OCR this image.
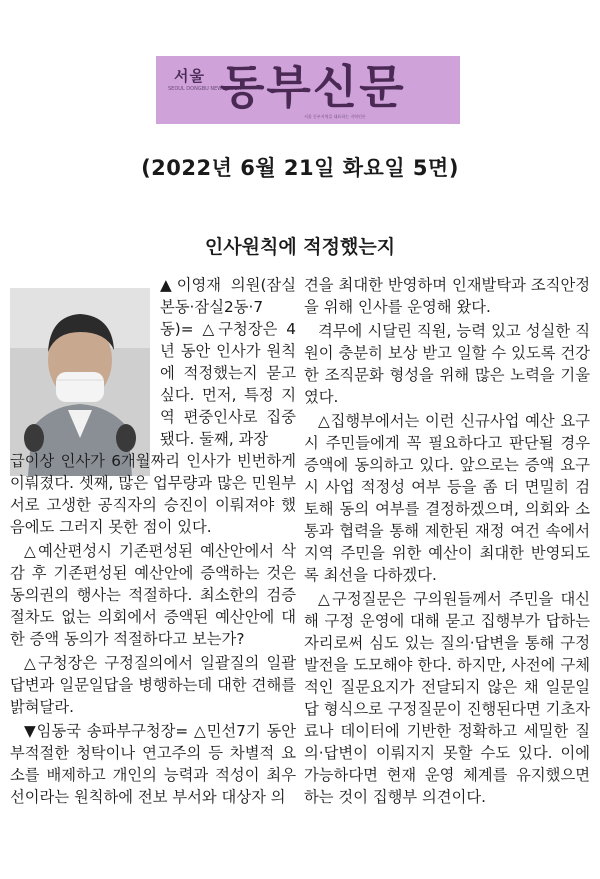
서울
SEOUL DONGBU NEWSPAPER
동부신문
서울 동부지역을 대표하는 지역언론
(2022년 6월 21일 화요일 5면)
인사원칙에 적정했는지

▲이영재 의원(잠실본동·잠실2동·7동)= △구청장은 4년 동안 인사가 원칙에 적정했는지 묻고 싶다. 먼저, 특정 지역 편중인사로 집중됐다. 둘째, 과장

급이상 인사가 6개월짜리 인사가 빈번하게 이뤄졌다. 셋째, 많은 업무량과 많은 민원부서로 고생한 공직자의 승진이 이뤄져야 했음에도 그러지 못한 점이 있다.

△예산편성시 기존편성된 예산안에서 삭감 후 기존편성된 예산안에 증액하는 것은 동의권의 행사는 적절하다. 최소한의 검증절차도 없는 의회에서 증액된 예산안에 대한 증액 동의가 적절하다고 보는가?

△구청장은 구정질의에서 일괄질의 일괄답변과 일문일답을 병행하는데 대한 견해를 밝혀달라.

▼임동국 송파부구청장= △민선7기 동안 부적절한 청탁이나 연고주의 등 차별적 요소를 배제하고 개인의 능력과 적성이 최우선이라는 원칙하에 전보 부서와 대상자 의

견을 최대한 반영하며 인재발탁과 조직안정을 위해 인사를 운영해 왔다.

격무에 시달린 직원, 능력 있고 성실한 직원이 충분히 보상 받고 일할 수 있도록 건강한 조직문화 형성을 위해 많은 노력을 기울였다.

△집행부에서는 이런 신규사업 예산 요구 시 주민들에게 꼭 필요하다고 판단될 경우 증액에 동의하고 있다. 앞으로는 증액 요구 시 사업 적정성 여부 등을 좀 더 면밀히 검토해 동의 여부를 결정하겠으며, 의회와 소통과 협력을 통해 제한된 재정 여건 속에서 지역 주민을 위한 예산이 최대한 반영되도록 최선을 다하겠다.

△구정질문은 구의원들께서 주민을 대신해 구정 운영에 대해 묻고 집행부가 답하는 자리로써 심도 있는 질의·답변을 통해 구정 발전을 도모해야 한다. 하지만, 사전에 구체적인 질문요지가 전달되지 않은 채 일문일답 형식으로 구정질문이 진행된다면 기초자료나 데이터에 기반한 정확하고 세밀한 질의·답변이 이뤄지지 못할 수도 있다. 이에 가능하다면 현재 운영 체계를 유지했으면 하는 것이 집행부 의견이다.
